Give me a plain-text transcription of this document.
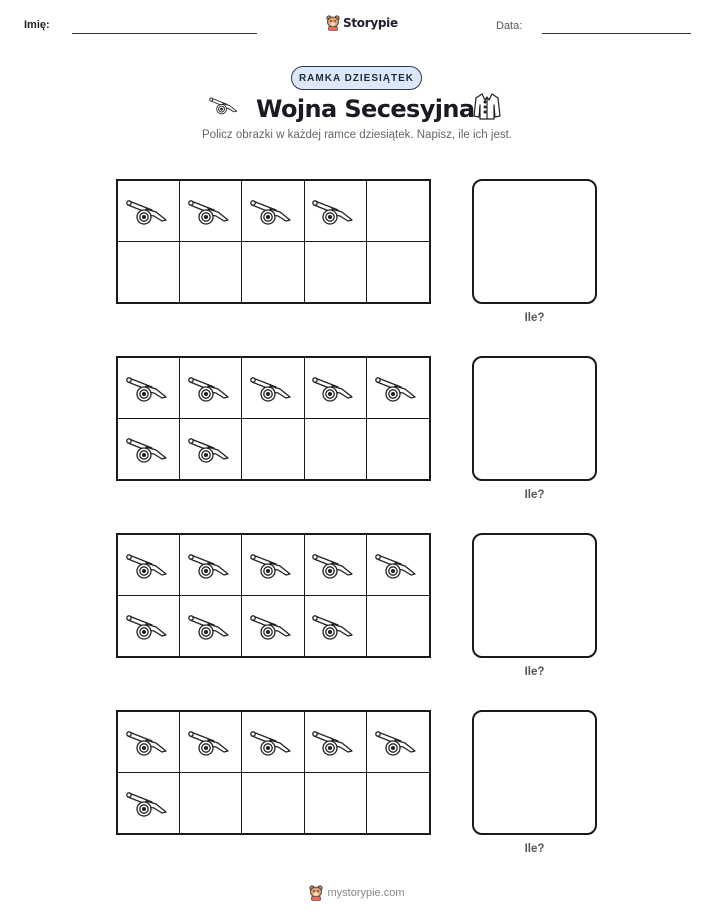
Imię:	Storypie	Data:
RAMKA DZIESIĄTEK
Wojna Secesyjna
Policz obrazki w każdej ramce dziesiątek. Napisz, ile ich jest.
Ile?
Ile?
Ile?
Ile?
mystorypie.com
